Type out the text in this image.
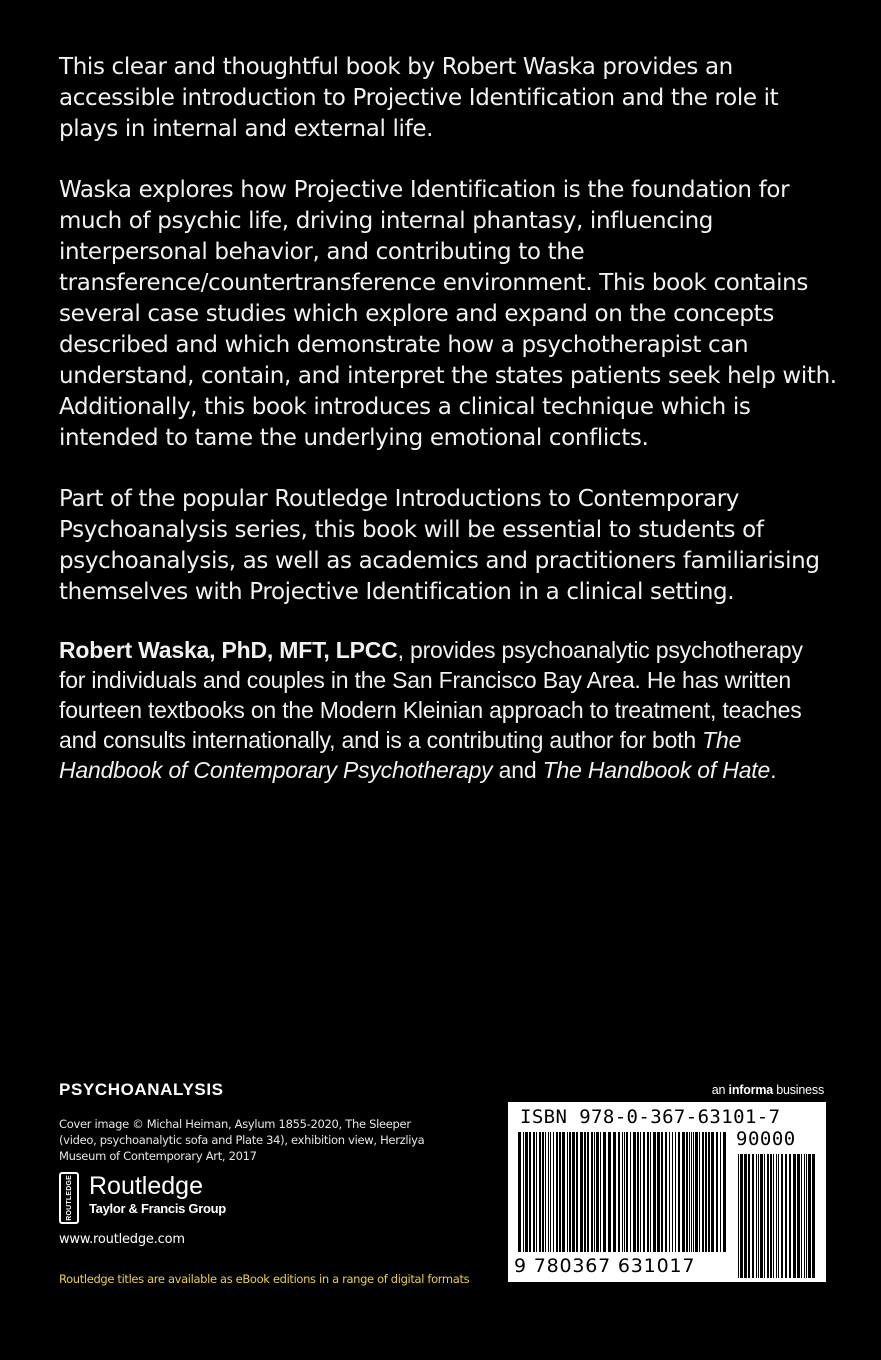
This clear and thoughtful book by Robert Waska provides an accessible introduction to Projective Identification and the role it plays in internal and external life.

Waska explores how Projective Identification is the foundation for much of psychic life, driving internal phantasy, influencing interpersonal behavior, and contributing to the transference/countertransference environment. This book contains several case studies which explore and expand on the concepts described and which demonstrate how a psychotherapist can understand, contain, and interpret the states patients seek help with. Additionally, this book introduces a clinical technique which is intended to tame the underlying emotional conflicts.

Part of the popular Routledge Introductions to Contemporary Psychoanalysis series, this book will be essential to students of psychoanalysis, as well as academics and practitioners familiarising themselves with Projective Identification in a clinical setting.

Robert Waska, PhD, MFT, LPCC, provides psychoanalytic psychotherapy for individuals and couples in the San Francisco Bay Area. He has written fourteen textbooks on the Modern Kleinian approach to treatment, teaches and consults internationally, and is a contributing author for both The Handbook of Contemporary Psychotherapy and The Handbook of Hate.

PSYCHOANALYSIS
Cover image © Michal Heiman, Asylum 1855-2020, The Sleeper (video, psychoanalytic sofa and Plate 34), exhibition view, Herzliya Museum of Contemporary Art, 2017
ROUTLEDGE Routledge
Taylor & Francis Group
www.routledge.com
Routledge titles are available as eBook editions in a range of digital formats
an informa business
ISBN 978-0-367-63101-7
90000
9 780367 631017
